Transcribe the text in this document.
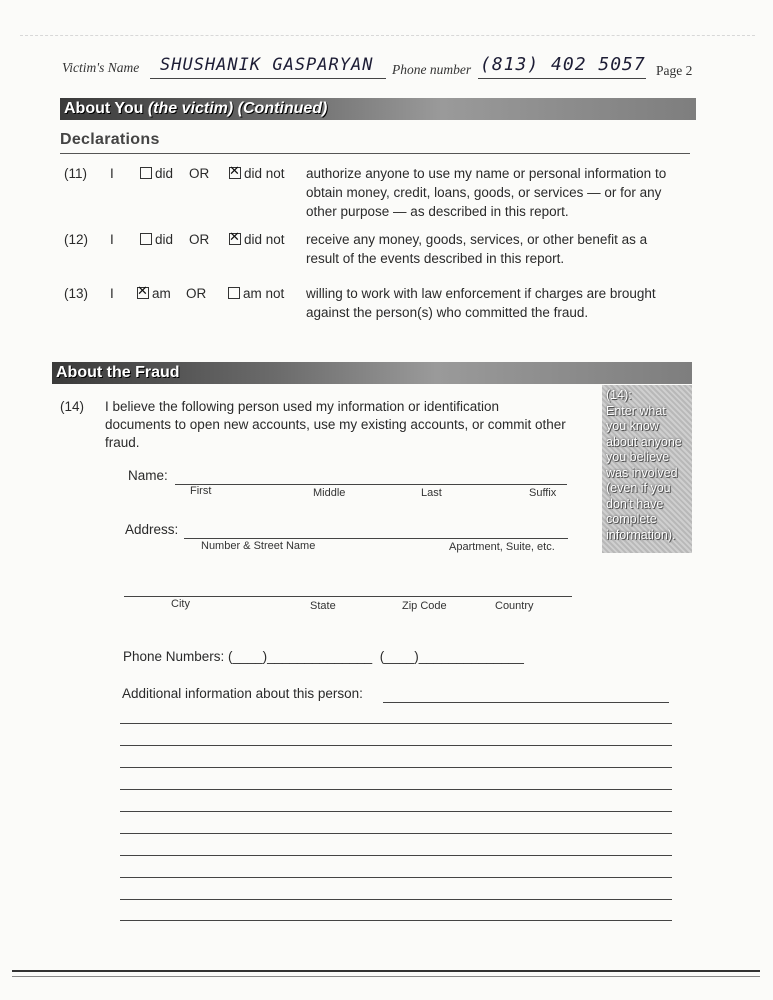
Victim's Name SHUSHANIK GASPARYAN Phone number (813) 402 5057 Page 2
About You (the victim) (Continued)
Declarations
(11) I	did OR ✕	did not authorize anyone to use my name or personal information to
obtain money, credit, loans, goods, or services — or for any
other purpose — as described in this report.
(12) I	did OR ✕	did not receive any money, goods, services, or other benefit as a
result of the events described in this report.
(13) I ✕	am OR	am not willing to work with law enforcement if charges are brought
against the person(s) who committed the fraud.
About the Fraud
(14):
Enter what
you know
about anyone
you believe
was involved
(even if you
don't have
complete
information).
(14) I believe the following person used my information or identification
documents to open new accounts, use my existing accounts, or commit other
fraud.
Name:
First	Middle	Last	Suffix
Address:
Number & Street Name	Apartment, Suite, etc.
City	State	Zip Code	Country
Phone Numbers: (____)______________  (____)______________
Additional information about this person:
